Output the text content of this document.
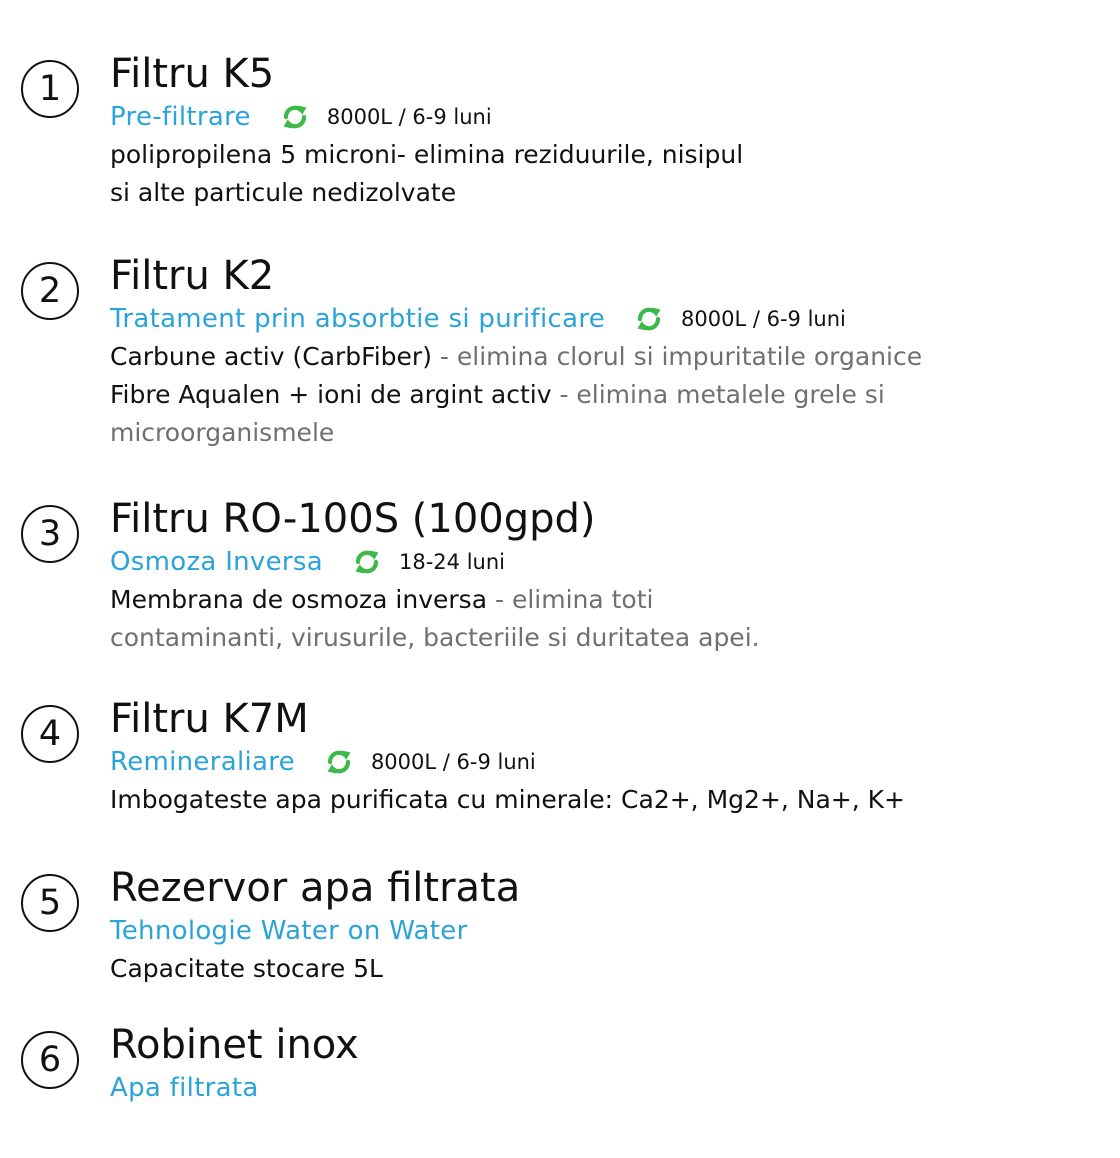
1	Filtru K5
Pre-filtrare	8000L / 6-9 luni
polipropilena 5 microni- elimina reziduurile, nisipul
si alte particule nedizolvate
2	Filtru K2
Tratament prin absorbtie si purificare	8000L / 6-9 luni
Carbune activ (CarbFiber) - elimina clorul si impuritatile organice
Fibre Aqualen + ioni de argint activ - elimina metalele grele si
microorganismele
3	Filtru RO-100S (100gpd)
Osmoza Inversa	18-24 luni
Membrana de osmoza inversa - elimina toti
contaminanti, virusurile, bacteriile si duritatea apei.
4	Filtru K7M
Remineraliare	8000L / 6-9 luni
Imbogateste apa purificata cu minerale: Ca2+, Mg2+, Na+, K+
5	Rezervor apa filtrata
Tehnologie Water on Water
Capacitate stocare 5L
6	Robinet inox
Apa filtrata
